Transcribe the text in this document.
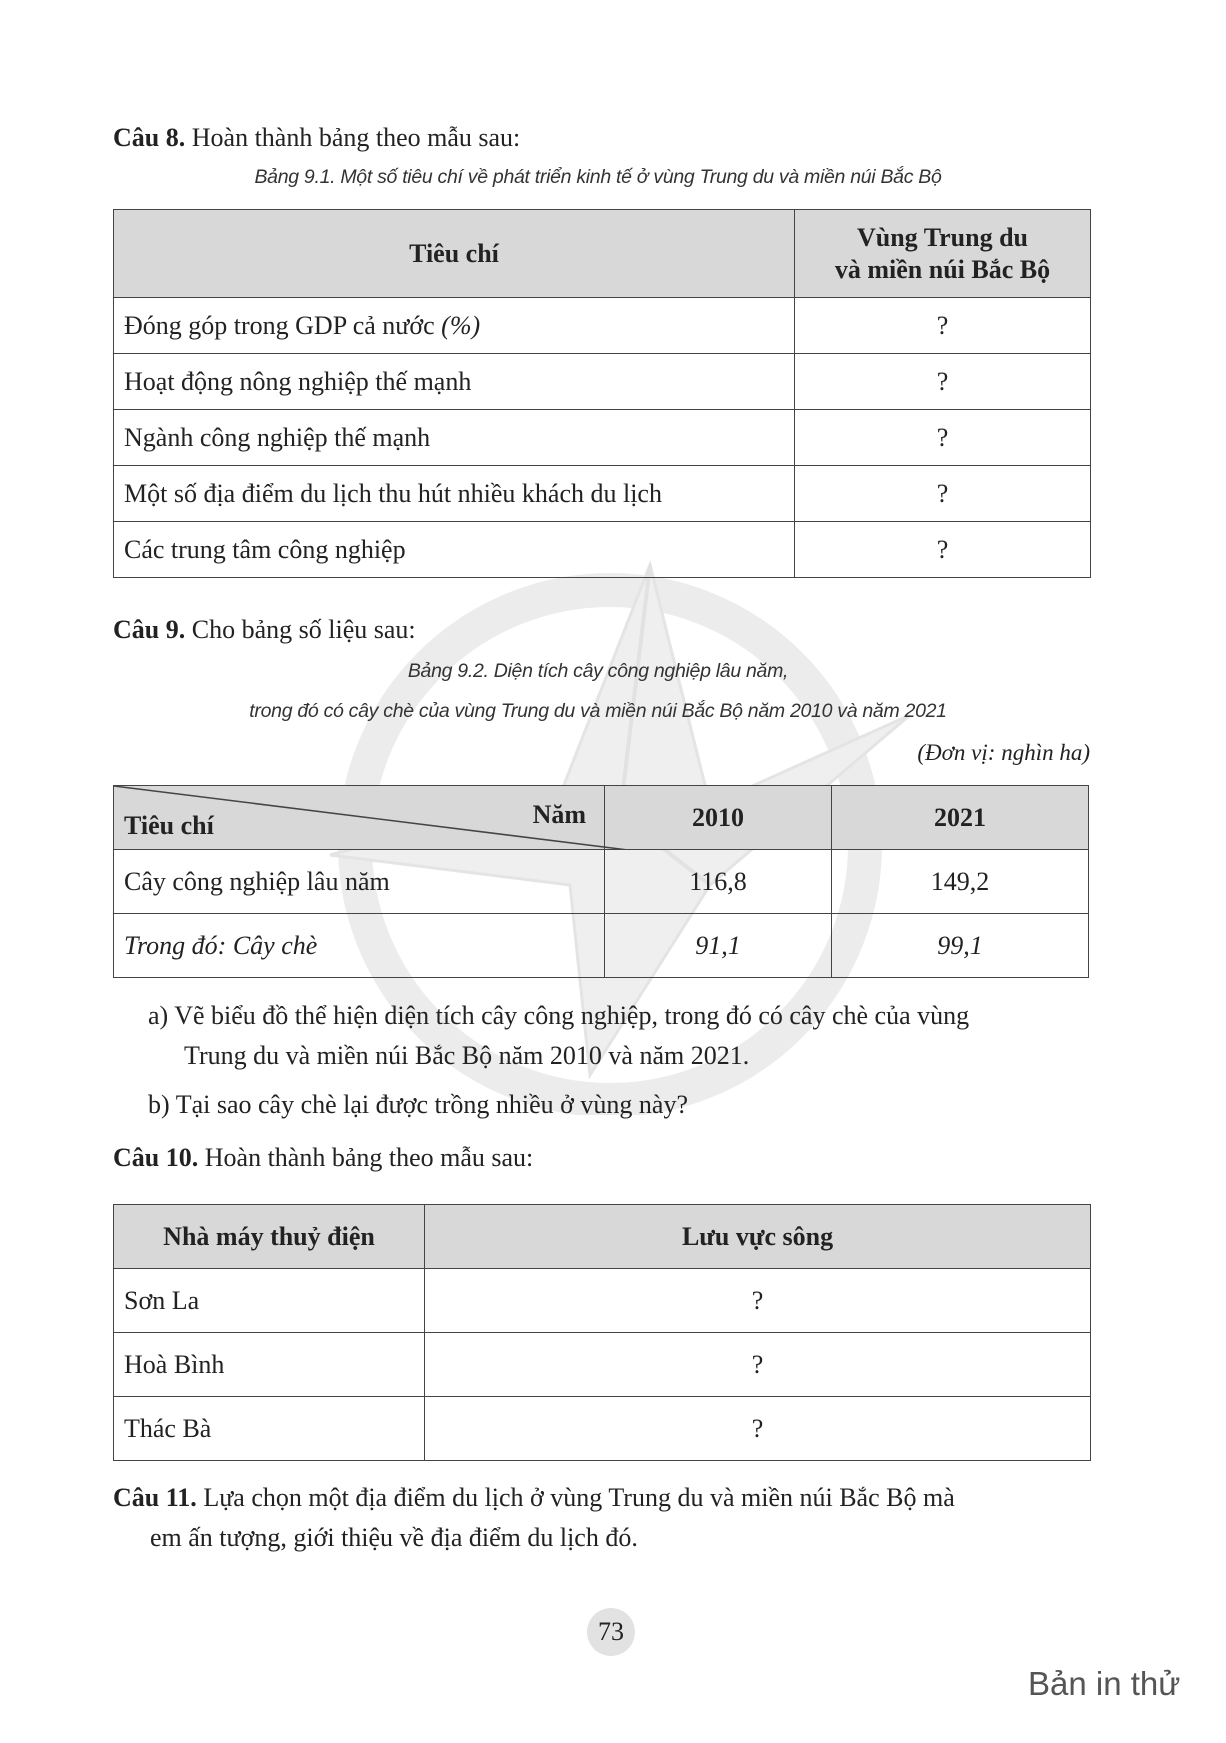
Câu 8. Hoàn thành bảng theo mẫu sau:
Bảng 9.1. Một số tiêu chí về phát triển kinh tế ở vùng Trung du và miền núi Bắc Bộ
Tiêu chí	Vùng Trung du
và miền núi Bắc Bộ
Đóng góp trong GDP cả nước (%)	?
Hoạt động nông nghiệp thế mạnh	?
Ngành công nghiệp thế mạnh	?
Một số địa điểm du lịch thu hút nhiều khách du lịch	?
Các trung tâm công nghiệp	?
Câu 9. Cho bảng số liệu sau:
Bảng 9.2. Diện tích cây công nghiệp lâu năm,
trong đó có cây chè của vùng Trung du và miền núi Bắc Bộ năm 2010 và năm 2021
(Đơn vị: nghìn ha)
Tiêu chí Năm	2010	2021
Cây công nghiệp lâu năm	116,8	149,2
Trong đó: Cây chè	91,1	99,1
a) Vẽ biểu đồ thể hiện diện tích cây công nghiệp, trong đó có cây chè của vùng
Trung du và miền núi Bắc Bộ năm 2010 và năm 2021.
b) Tại sao cây chè lại được trồng nhiều ở vùng này?
Câu 10. Hoàn thành bảng theo mẫu sau:
Nhà máy thuỷ điện	Lưu vực sông
Sơn La	?
Hoà Bình	?
Thác Bà	?
Câu 11. Lựa chọn một địa điểm du lịch ở vùng Trung du và miền núi Bắc Bộ mà
em ấn tượng, giới thiệu về địa điểm du lịch đó.
73
Bản in thử
